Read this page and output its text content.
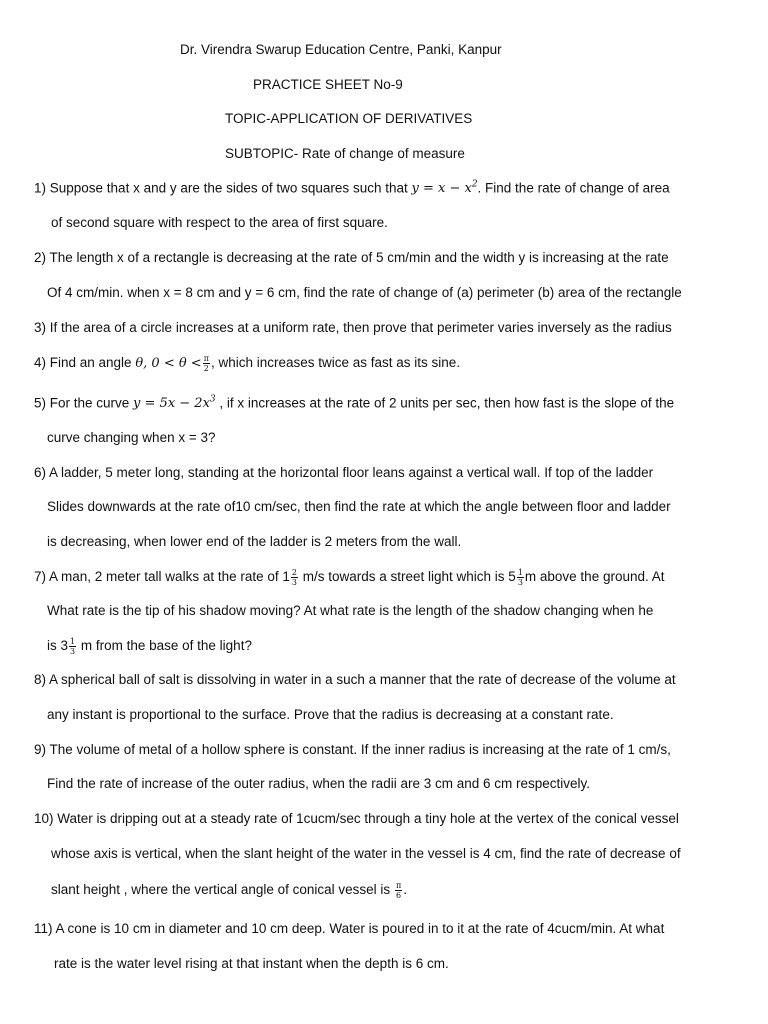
Dr. Virendra Swarup Education Centre, Panki, Kanpur
PRACTICE SHEET No-9
TOPIC-APPLICATION OF DERIVATIVES
SUBTOPIC- Rate of change of measure
1) Suppose that x and y are the sides of two squares such that $y = x - x^2$. Find the rate of change of area
of second square with respect to the area of first square.
2) The length x of a rectangle is decreasing at the rate of 5 cm/min and the width y is increasing at the rate
Of 4 cm/min. when x = 8 cm and y = 6 cm, find the rate of change of (a) perimeter (b) area of the rectangle
3) If the area of a circle increases at a uniform rate, then prove that perimeter varies inversely as the radius
4) Find an angle θ, $0 < \theta < \frac{\pi}{2}$ , which increases twice as fast as its sine.
5) For the curve $y = 5x - 2x^3$ , if x increases at the rate of 2 units per sec, then how fast is the slope of the
curve changing when x = 3?
6) A ladder, 5 meter long, standing at the horizontal floor leans against a vertical wall. If top of the ladder
Slides downwards at the rate of10 cm/sec, then find the rate at which the angle between floor and ladder
is decreasing, when lower end of the ladder is 2 meters from the wall.
7) A man, 2 meter tall walks at the rate of $1 \frac{2}{3} m/s$ towards a street light which is $5 \frac{1}{3}$ m above the ground. At
What rate is the tip of his shadow moving? At what rate is the length of the shadow changing when he
is $3 \frac{1}{3}$ m from the base of the light?
8) A spherical ball of salt is dissolving in water in a such a manner that the rate of decrease of the volume at
any instant is proportional to the surface. Prove that the radius is decreasing at a constant rate.
9) The volume of metal of a hollow sphere is constant. If the inner radius is increasing at the rate of 1 cm/s,
Find the rate of increase of the outer radius, when the radii are 3 cm and 6 cm respectively.
10) Water is dripping out at a steady rate of 1cucm/sec through a tiny hole at the vertex of the conical vessel
whose axis is vertical, when the slant height of the water in the vessel is 4 cm, find the rate of decrease of
slant height , where the vertical angle of conical vessel is $\frac{\pi}{6}$ .
11) A cone is 10 cm in diameter and 10 cm deep. Water is poured in to it at the rate of 4cucm/min. At what
rate is the water level rising at that instant when the depth is 6 cm.
